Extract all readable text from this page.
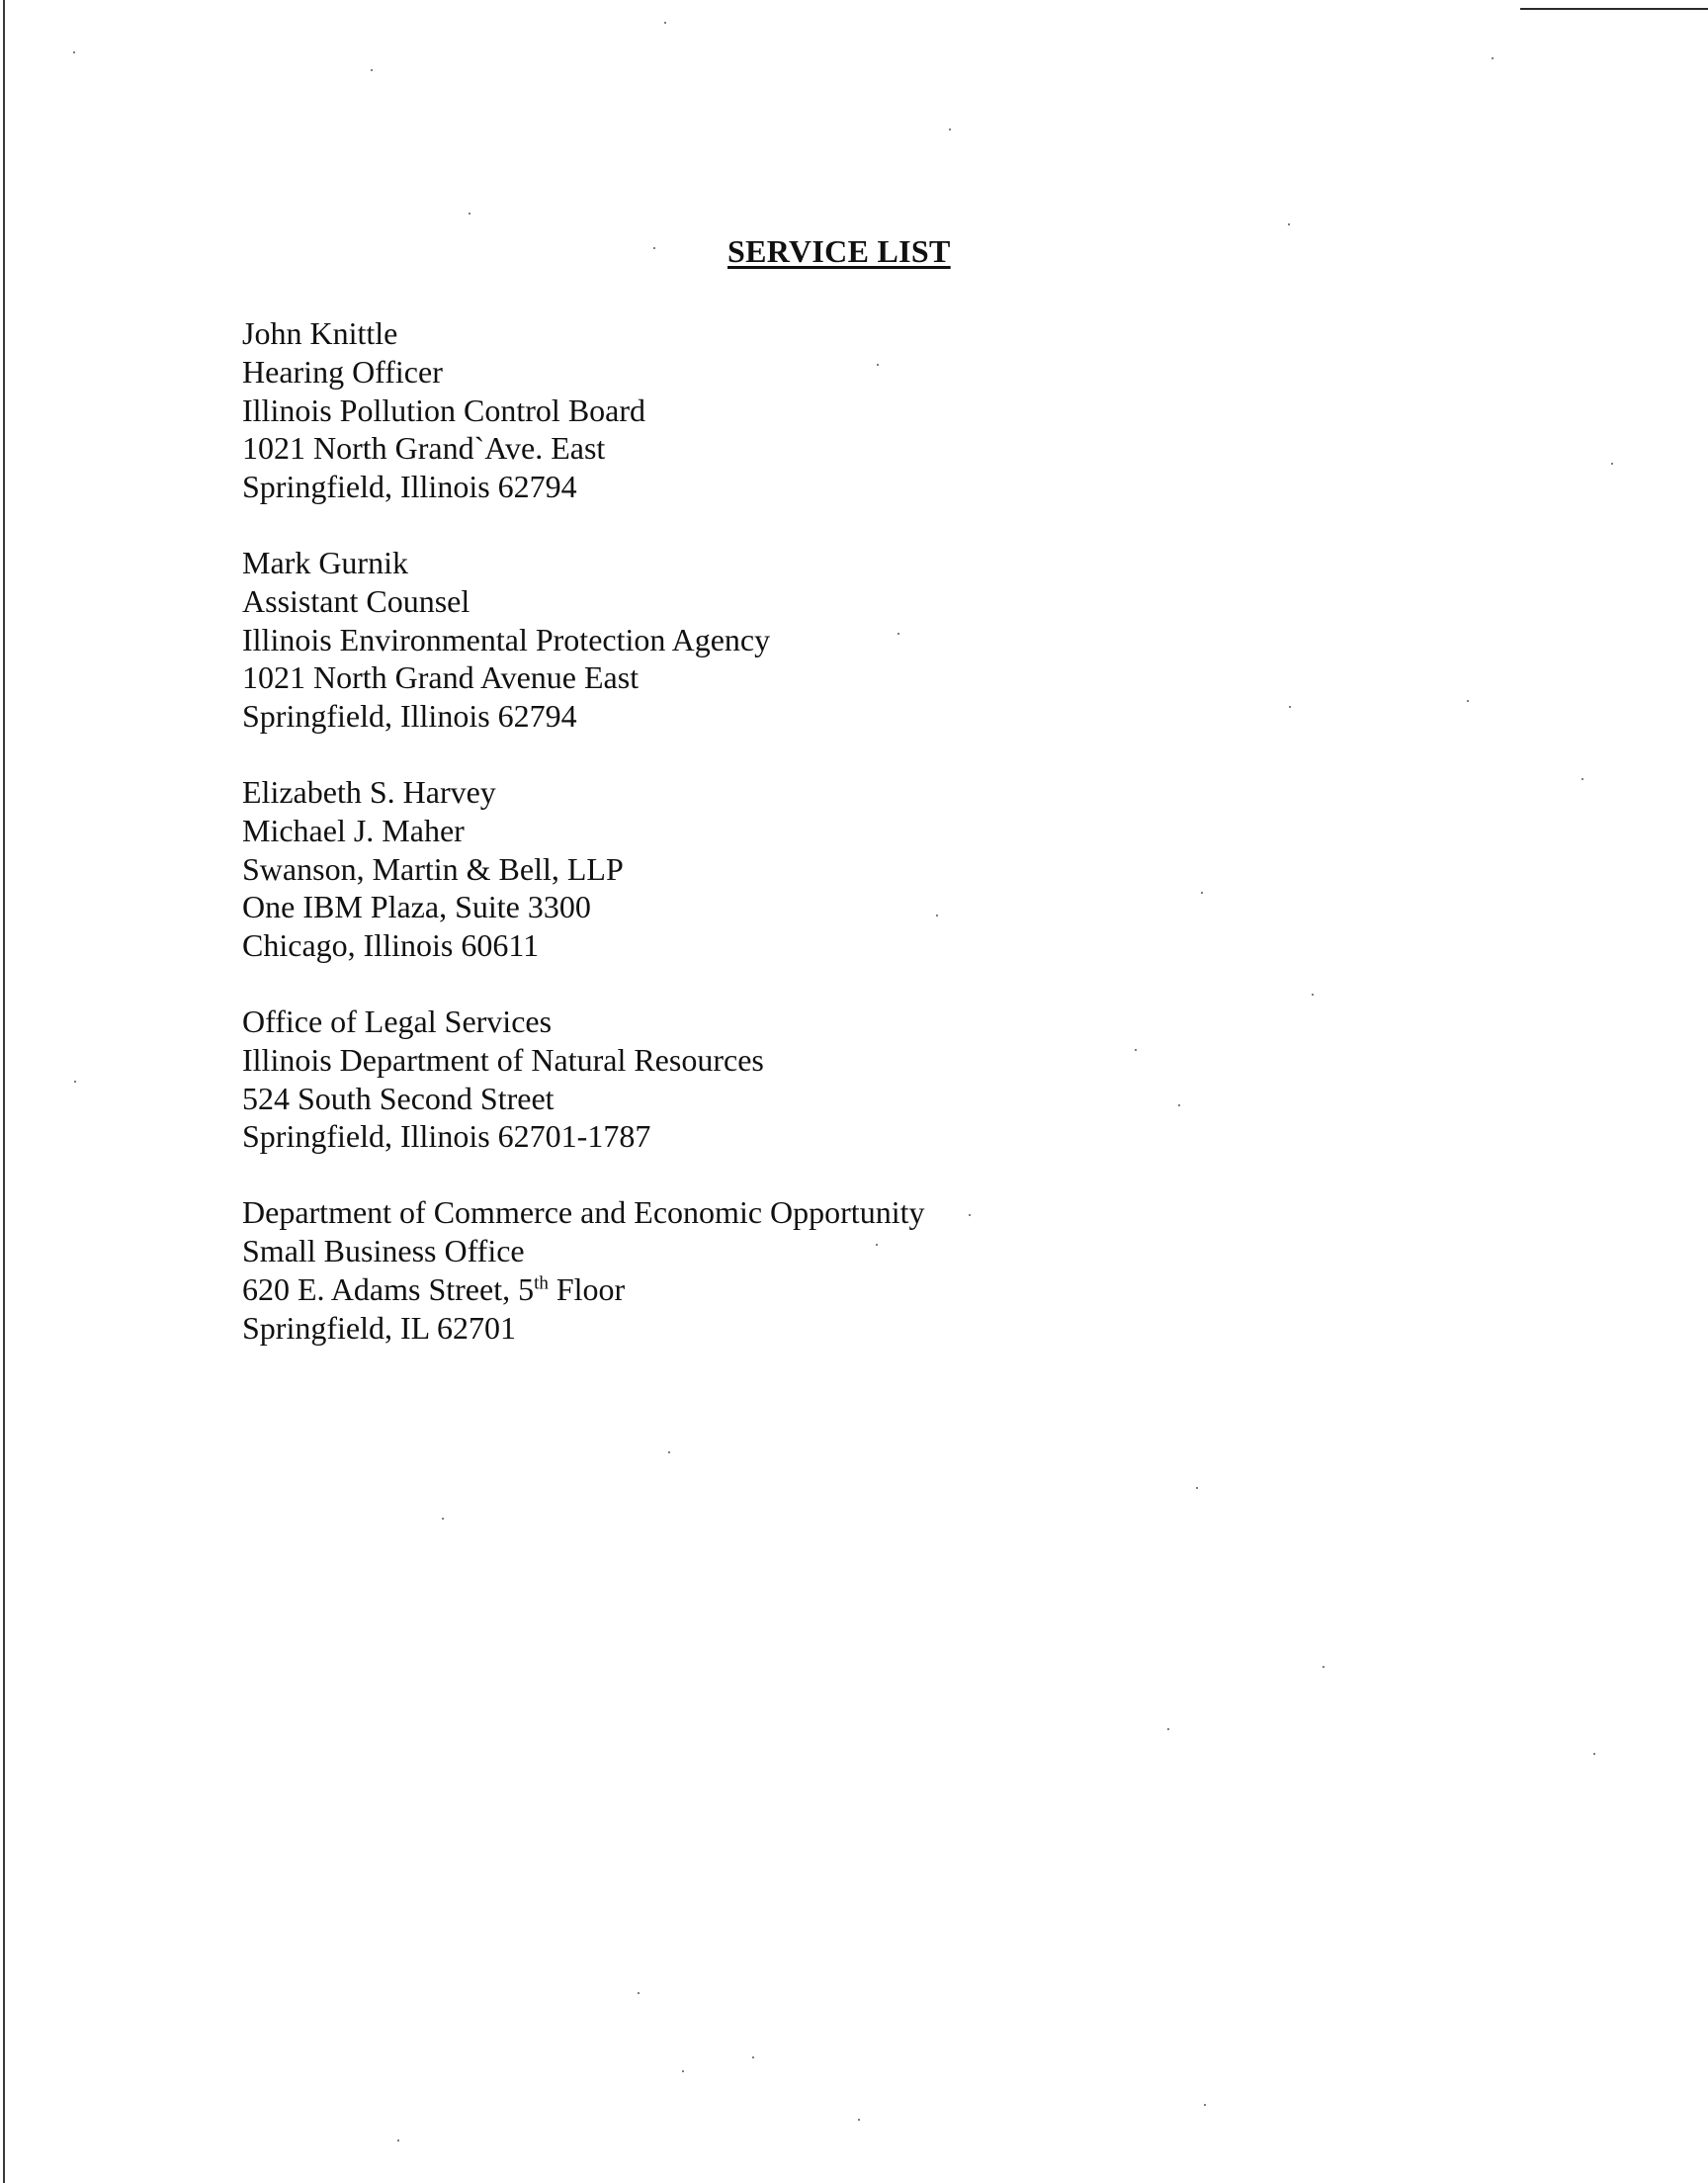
SERVICE LIST

John Knittle

Hearing Officer

Illinois Pollution Control Board

1021 North Grand`Ave. East

Springfield, Illinois 62794

Mark Gurnik

Assistant Counsel

Illinois Environmental Protection Agency

1021 North Grand Avenue East

Springfield, Illinois 62794

Elizabeth S. Harvey

Michael J. Maher

Swanson, Martin & Bell, LLP

One IBM Plaza, Suite 3300

Chicago, Illinois 60611

Office of Legal Services

Illinois Department of Natural Resources

524 South Second Street

Springfield, Illinois 62701-1787

Department of Commerce and Economic Opportunity

Small Business Office

620 E. Adams Street, 5th Floor

Springfield, IL 62701
